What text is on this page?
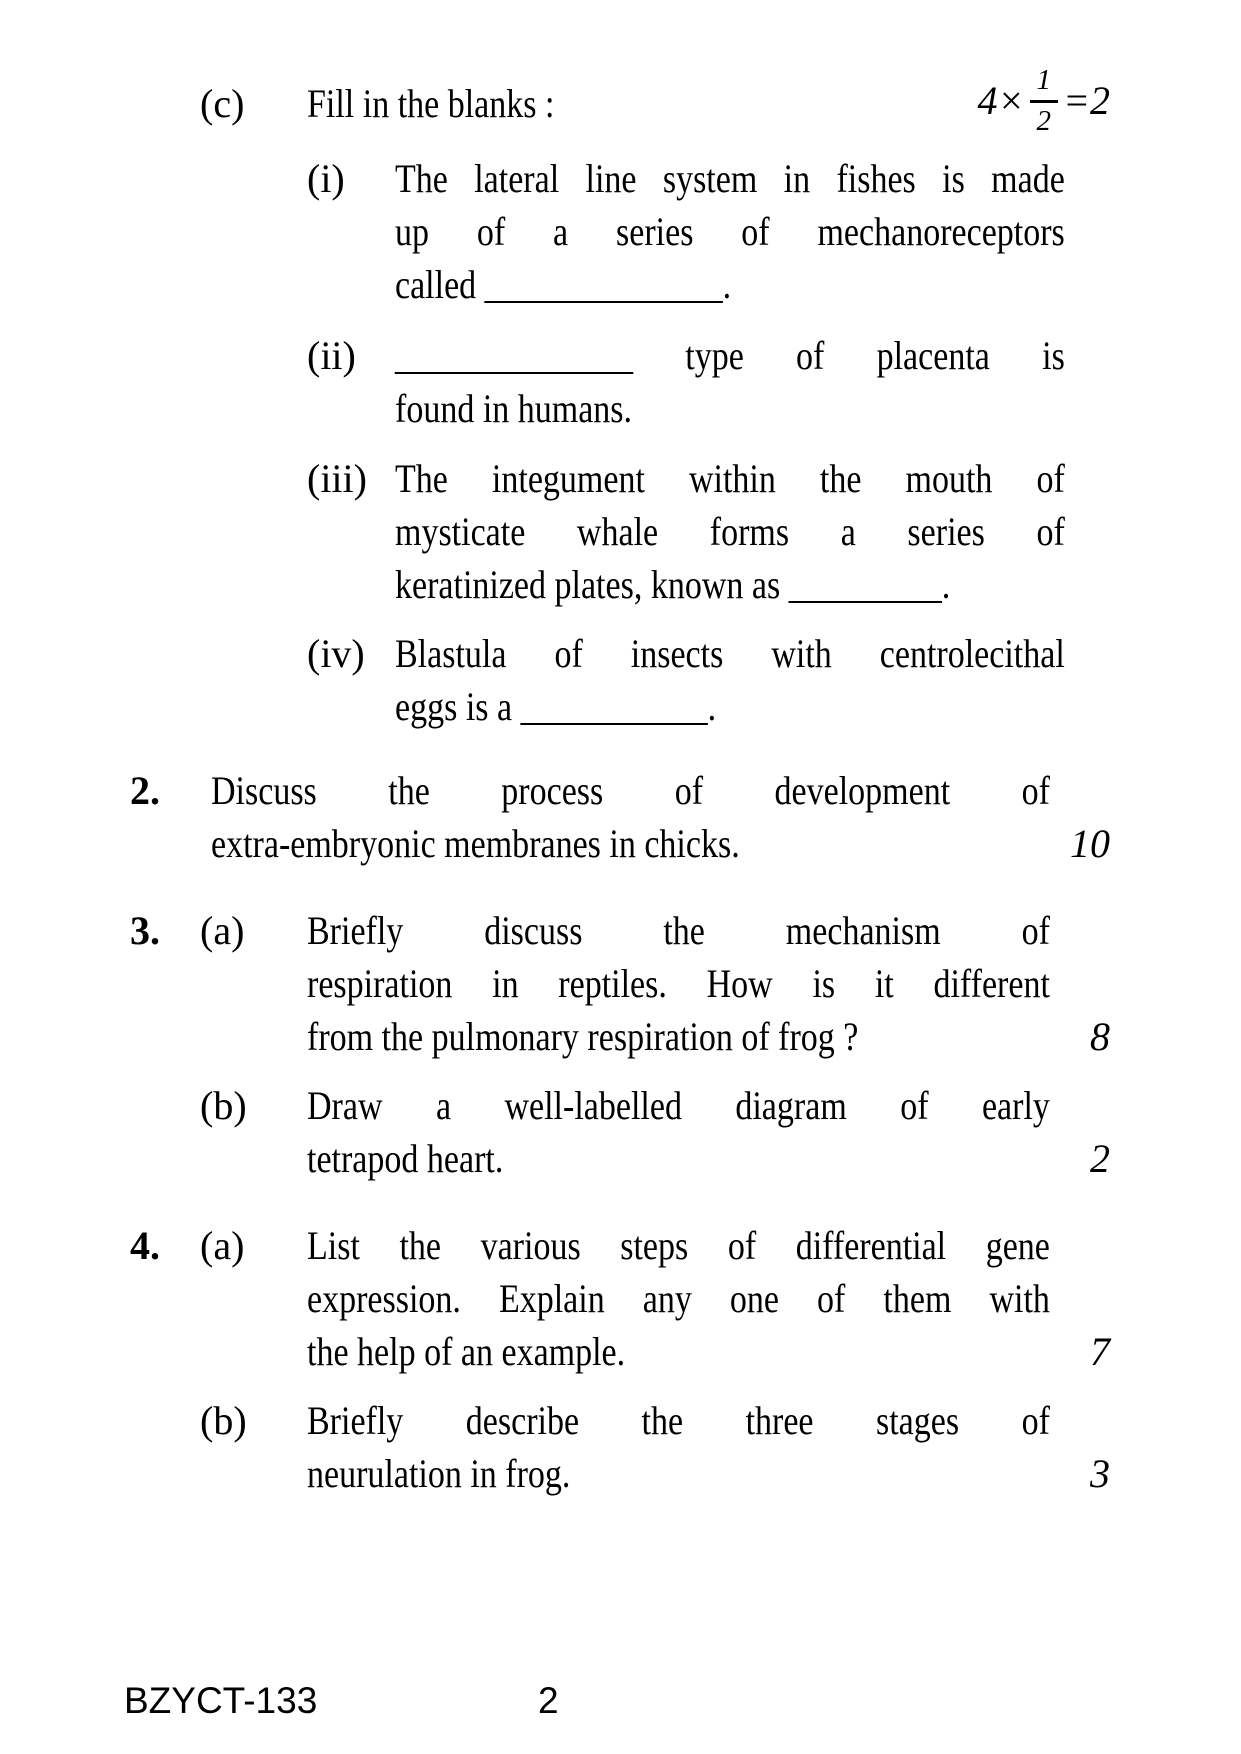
(c)	Fill in the blanks :	$4\times \frac{1}{2} =2$
(i)	The lateral line system in fishes is made
up of a series of mechanoreceptors
called ______________.
(ii) ______________ type of placenta is
found in humans.
(iii) The integument within the mouth of
mysticate whale forms a series of
keratinized plates, known as _________.
(iv) Blastula of insects with centrolecithal
eggs is a ___________.
2.	Discuss the process of development of
extra-embryonic membranes in chicks.	10
3.	(a)	Briefly discuss the mechanism of
respiration in reptiles. How is it different
from the pulmonary respiration of frog ?	8
(b)	Draw a well-labelled diagram of early
tetrapod heart.	2
4.	(a)	List the various steps of differential gene
expression. Explain any one of them with
the help of an example.	7
(b)	Briefly describe the three stages of
neurulation in frog.	3
BZYCT-133	2
